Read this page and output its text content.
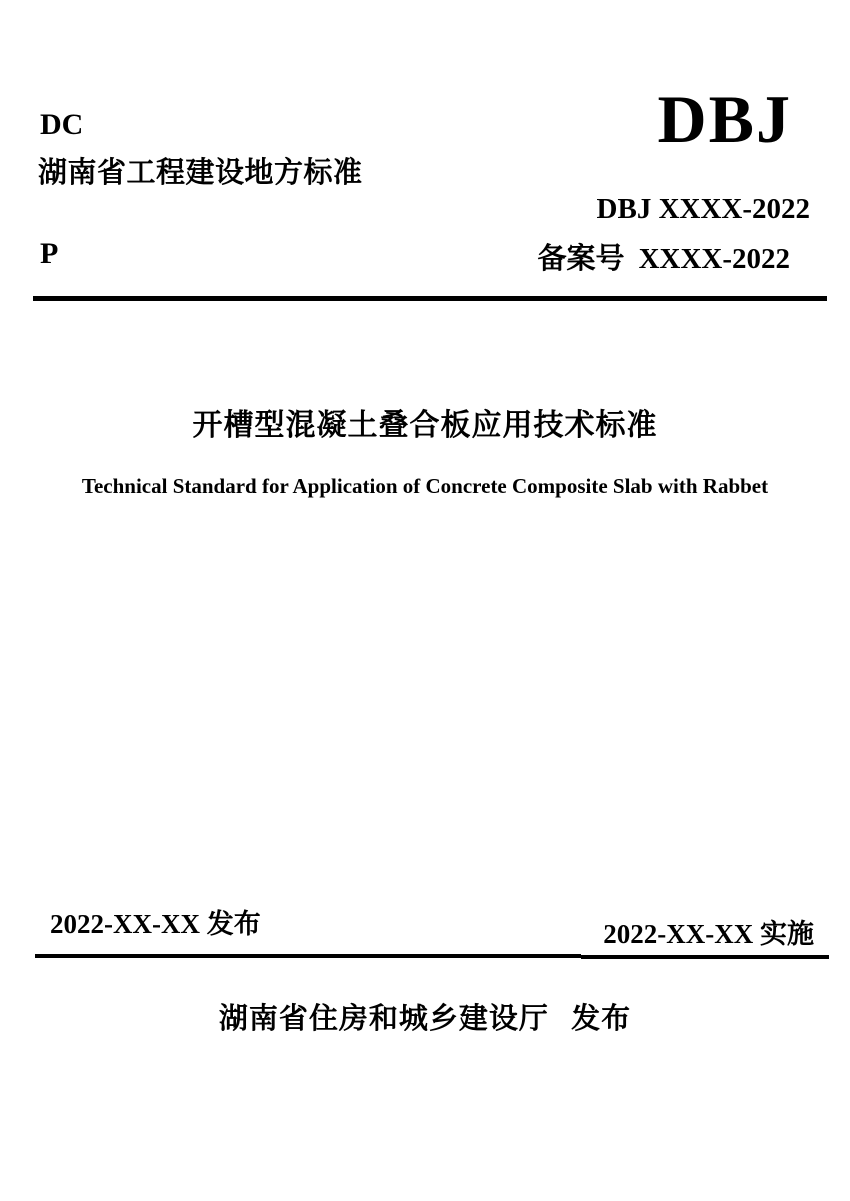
DC
湖南省工程建设地方标准
P
DBJ
DBJ XXXX-2022
备案号 XXXX-2022
开槽型混凝土叠合板应用技术标准
Technical Standard for Application of Concrete Composite Slab with Rabbet
2022-XX-XX 发布	2022-XX-XX 实施
湖南省住房和城乡建设厅  发布
